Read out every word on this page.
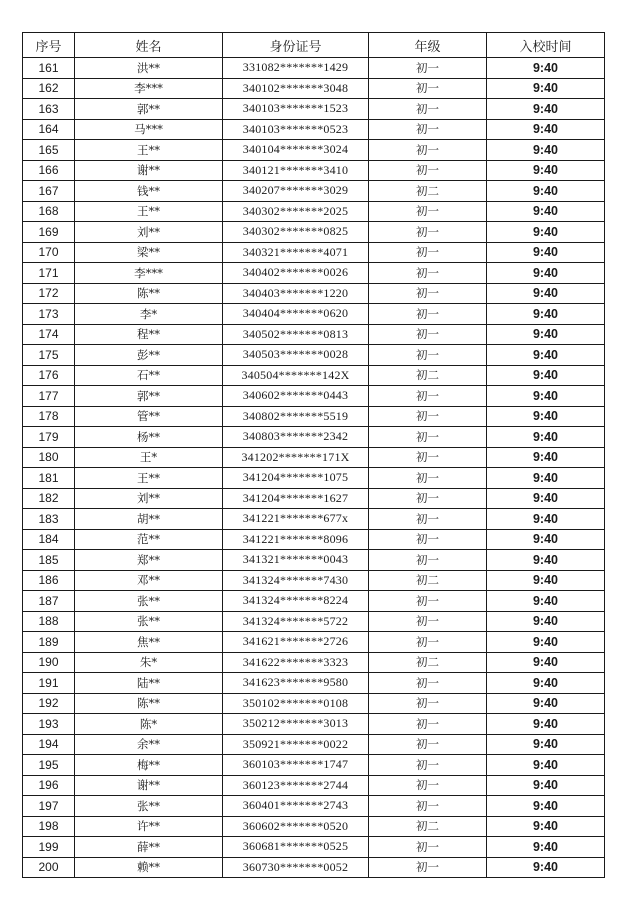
序号	姓名	身份证号	年级	入校时间
161	洪**	331082*******1429	初一	9:40
162	李***	340102*******3048	初一	9:40
163	郭**	340103*******1523	初一	9:40
164	马***	340103*******0523	初一	9:40
165	王**	340104*******3024	初一	9:40
166	谢**	340121*******3410	初一	9:40
167	钱**	340207*******3029	初二	9:40
168	王**	340302*******2025	初一	9:40
169	刘**	340302*******0825	初一	9:40
170	梁**	340321*******4071	初一	9:40
171	李***	340402*******0026	初一	9:40
172	陈**	340403*******1220	初一	9:40
173	李*	340404*******0620	初一	9:40
174	程**	340502*******0813	初一	9:40
175	彭**	340503*******0028	初一	9:40
176	石**	340504*******142X	初二	9:40
177	郭**	340602*******0443	初一	9:40
178	管**	340802*******5519	初一	9:40
179	杨**	340803*******2342	初一	9:40
180	王*	341202*******171X	初一	9:40
181	王**	341204*******1075	初一	9:40
182	刘**	341204*******1627	初一	9:40
183	胡**	341221*******677x	初一	9:40
184	范**	341221*******8096	初一	9:40
185	郑**	341321*******0043	初一	9:40
186	邓**	341324*******7430	初二	9:40
187	张**	341324*******8224	初一	9:40
188	张**	341324*******5722	初一	9:40
189	焦**	341621*******2726	初一	9:40
190	朱*	341622*******3323	初二	9:40
191	陆**	341623*******9580	初一	9:40
192	陈**	350102*******0108	初一	9:40
193	陈*	350212*******3013	初一	9:40
194	余**	350921*******0022	初一	9:40
195	梅**	360103*******1747	初一	9:40
196	谢**	360123*******2744	初一	9:40
197	张**	360401*******2743	初一	9:40
198	许**	360602*******0520	初二	9:40
199	薛**	360681*******0525	初一	9:40
200	赖**	360730*******0052	初一	9:40
